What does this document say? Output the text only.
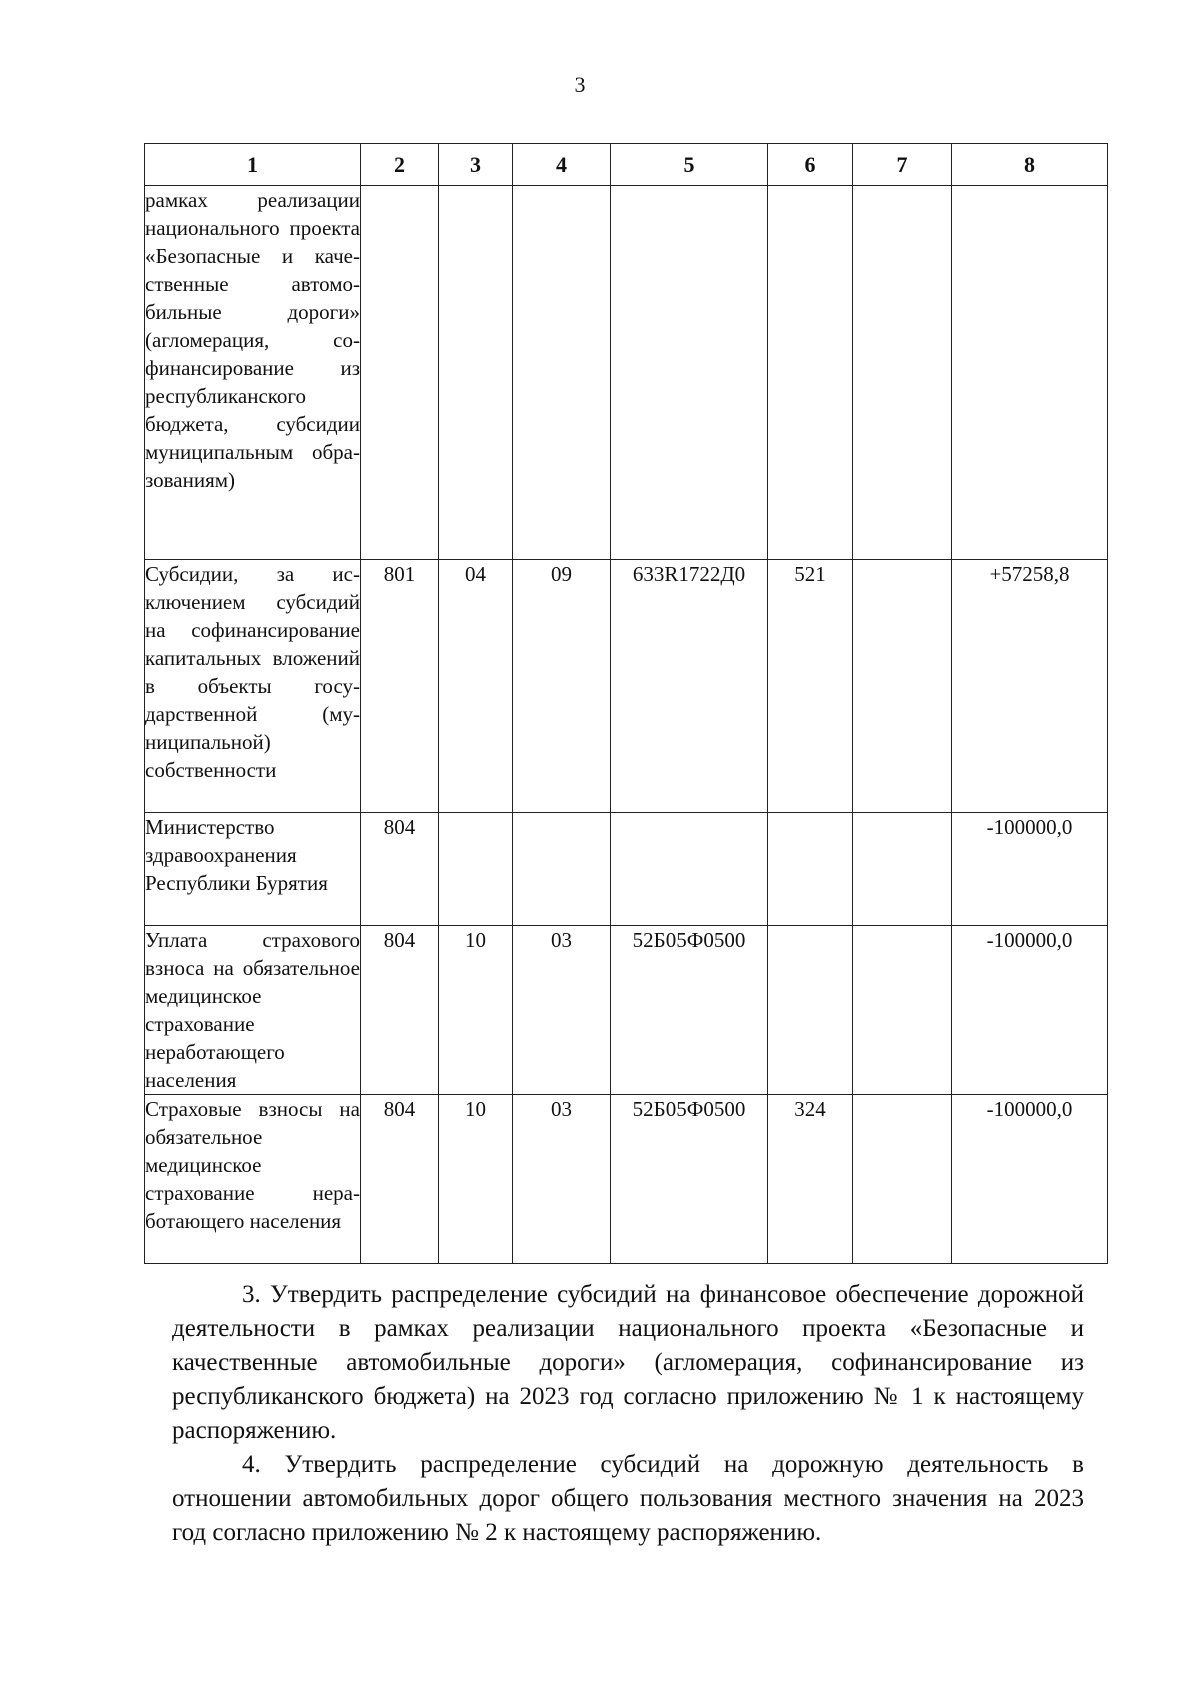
3
1	2	3	4	5	6	7	8
рамках реализации национального проекта «Безопасные и качественные автомобильные дороги» (агломерация, софинансирование из республиканского бюджета, субсидии муниципальным образованиям)							
Субсидии, за исключением субсидий на софинансирование капитальных вложений в объекты государственной (муниципальной) собственности	801	04	09	633R1722Д0	521		+57258,8
Министерство здравоохранения Республики Бурятия	804						-100000,0
Уплата страхового взноса на обязательное медицинское страхование неработающего населения	804	10	03	52Б05Ф0500			-100000,0
Страховые взносы на обязательное медицинское страхование неработающего населения	804	10	03	52Б05Ф0500	324		-100000,0

3. Утвердить распределение субсидий на финансовое обеспечение дорожной деятельности в рамках реализации национального проекта «Безопасные и качественные автомобильные дороги» (агломерация, софинансирование из республиканского бюджета) на 2023 год согласно приложению № 1 к настоящему распоряжению.

4. Утвердить распределение субсидий на дорожную деятельность в отношении автомобильных дорог общего пользования местного значения на 2023 год согласно приложению № 2 к настоящему распоряжению.
